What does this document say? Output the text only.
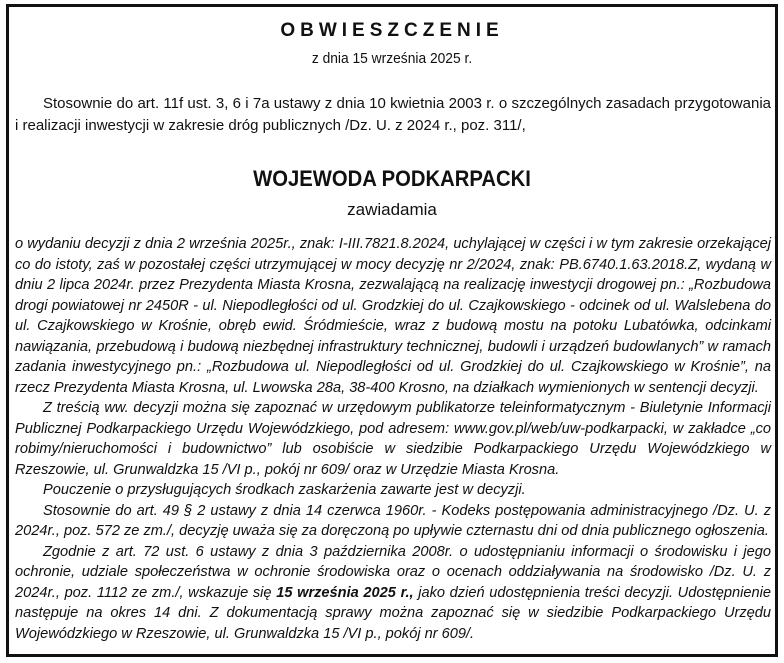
OBWIESZCZENIE
z dnia 15 września 2025 r.
Stosownie do art. 11f ust. 3, 6 i 7a ustawy z dnia 10 kwietnia 2003 r. o szczególnych zasadach przygotowania
i realizacji inwestycji w zakresie dróg publicznych /Dz. U. z 2024 r., poz. 311/,
WOJEWODA PODKARPACKI
zawiadamia

o wydaniu decyzji z dnia 2 września 2025r., znak: I-III.7821.8.2024, uchylającej w części i w tym zakresie orzekającej co do istoty, zaś w pozostałej części utrzymującej w mocy decyzję nr 2/2024, znak: PB.6740.1.63.2018.Z, wydaną w dniu 2 lipca 2024r. przez Prezydenta Miasta Krosna, zezwalającą na realizację inwestycji drogowej pn.: „Rozbudowa drogi powiatowej nr 2450R - ul. Niepodległości od ul. Grodzkiej do ul. Czajkowskiego - odcinek od ul. Walslebena do ul. Czajkowskiego w Krośnie, obręb ewid. Śródmieście, wraz z budową mostu na potoku Lubatówka, odcinkami nawiązania, przebudową i budową niezbędnej infrastruktury technicznej, budowli i urządzeń budowlanych” w ramach zadania inwestycyjnego pn.: „Rozbudowa ul. Niepodległości od ul. Grodzkiej do ul. Czajkowskiego w Krośnie”, na rzecz Prezydenta Miasta Krosna, ul. Lwowska 28a, 38-400 Krosno, na działkach wymienionych w sentencji decyzji.

Z treścią ww. decyzji można się zapoznać w urzędowym publikatorze teleinformatycznym - Biuletynie Informacji Publicznej Podkarpackiego Urzędu Wojewódzkiego, pod adresem: www.gov.pl/web/uw-podkarpacki, w zakładce „co robimy/nieruchomości i budownictwo” lub osobiście w siedzibie Podkarpackiego Urzędu Wojewódzkiego w Rzeszowie, ul. Grunwaldzka 15 /VI p., pokój nr 609/ oraz w Urzędzie Miasta Krosna.

Pouczenie o przysługujących środkach zaskarżenia zawarte jest w decyzji.

Stosownie do art. 49 § 2 ustawy z dnia 14 czerwca 1960r. - Kodeks postępowania administracyjnego /Dz. U. z 2024r., poz. 572 ze zm./, decyzję uważa się za doręczoną po upływie czternastu dni od dnia publicznego ogłoszenia.

Zgodnie z art. 72 ust. 6 ustawy z dnia 3 października 2008r. o udostępnianiu informacji o środowisku i jego ochronie, udziale społeczeństwa w ochronie środowiska oraz o ocenach oddziaływania na środowisko /Dz. U. z 2024r., poz. 1112 ze zm./, wskazuje się 15 września 2025 r., jako dzień udostępnienia treści decyzji. Udostępnienie następuje na okres 14 dni. Z dokumentacją sprawy można zapoznać się w siedzibie Podkarpackiego Urzędu Wojewódzkiego w Rzeszowie, ul. Grunwaldzka 15 /VI p., pokój nr 609/.
